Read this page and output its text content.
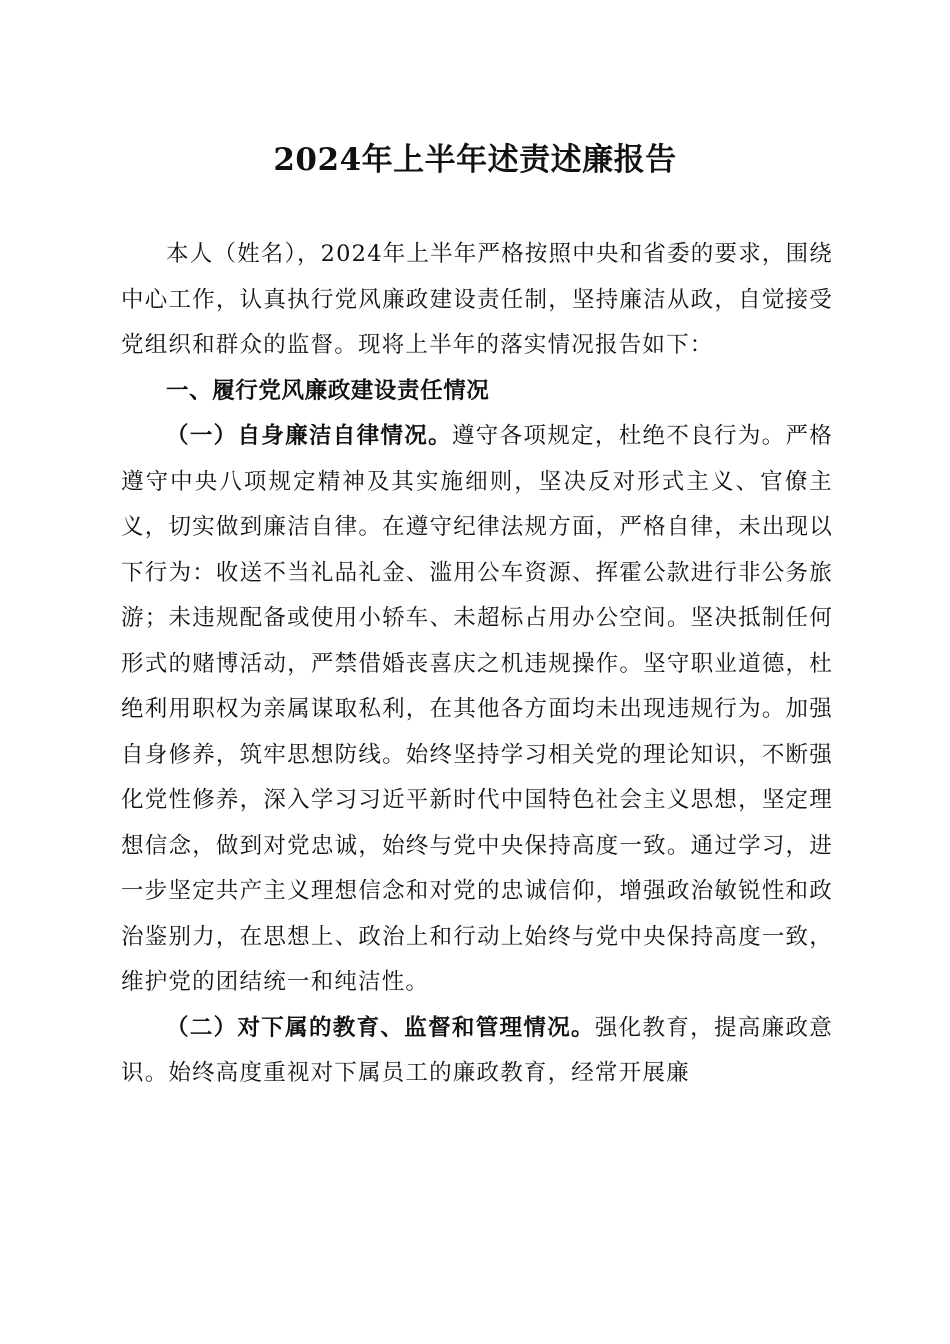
2024年上半年述责述廉报告

本人（姓名），2024年上半年严格按照中央和省委的要求，围绕中心工作，认真执行党风廉政建设责任制，坚持廉洁从政，自觉接受党组织和群众的监督。现将上半年的落实情况报告如下：

一、履行党风廉政建设责任情况

（一）自身廉洁自律情况。遵守各项规定，杜绝不良行为。严格遵守中央八项规定精神及其实施细则，坚决反对形式主义、官僚主义，切实做到廉洁自律。在遵守纪律法规方面，严格自律，未出现以下行为：收送不当礼品礼金、滥用公车资源、挥霍公款进行非公务旅游；未违规配备或使用小轿车、未超标占用办公空间。坚决抵制任何形式的赌博活动，严禁借婚丧喜庆之机违规操作。坚守职业道德，杜绝利用职权为亲属谋取私利，在其他各方面均未出现违规行为。加强自身修养，筑牢思想防线。始终坚持学习相关党的理论知识，不断强化党性修养，深入学习习近平新时代中国特色社会主义思想，坚定理想信念，做到对党忠诚，始终与党中央保持高度一致。通过学习，进一步坚定共产主义理想信念和对党的忠诚信仰，增强政治敏锐性和政治鉴别力，在思想上、政治上和行动上始终与党中央保持高度一致，维护党的团结统一和纯洁性。

（二）对下属的教育、监督和管理情况。强化教育，提高廉政意识。始终高度重视对下属员工的廉政教育，经常开展廉
